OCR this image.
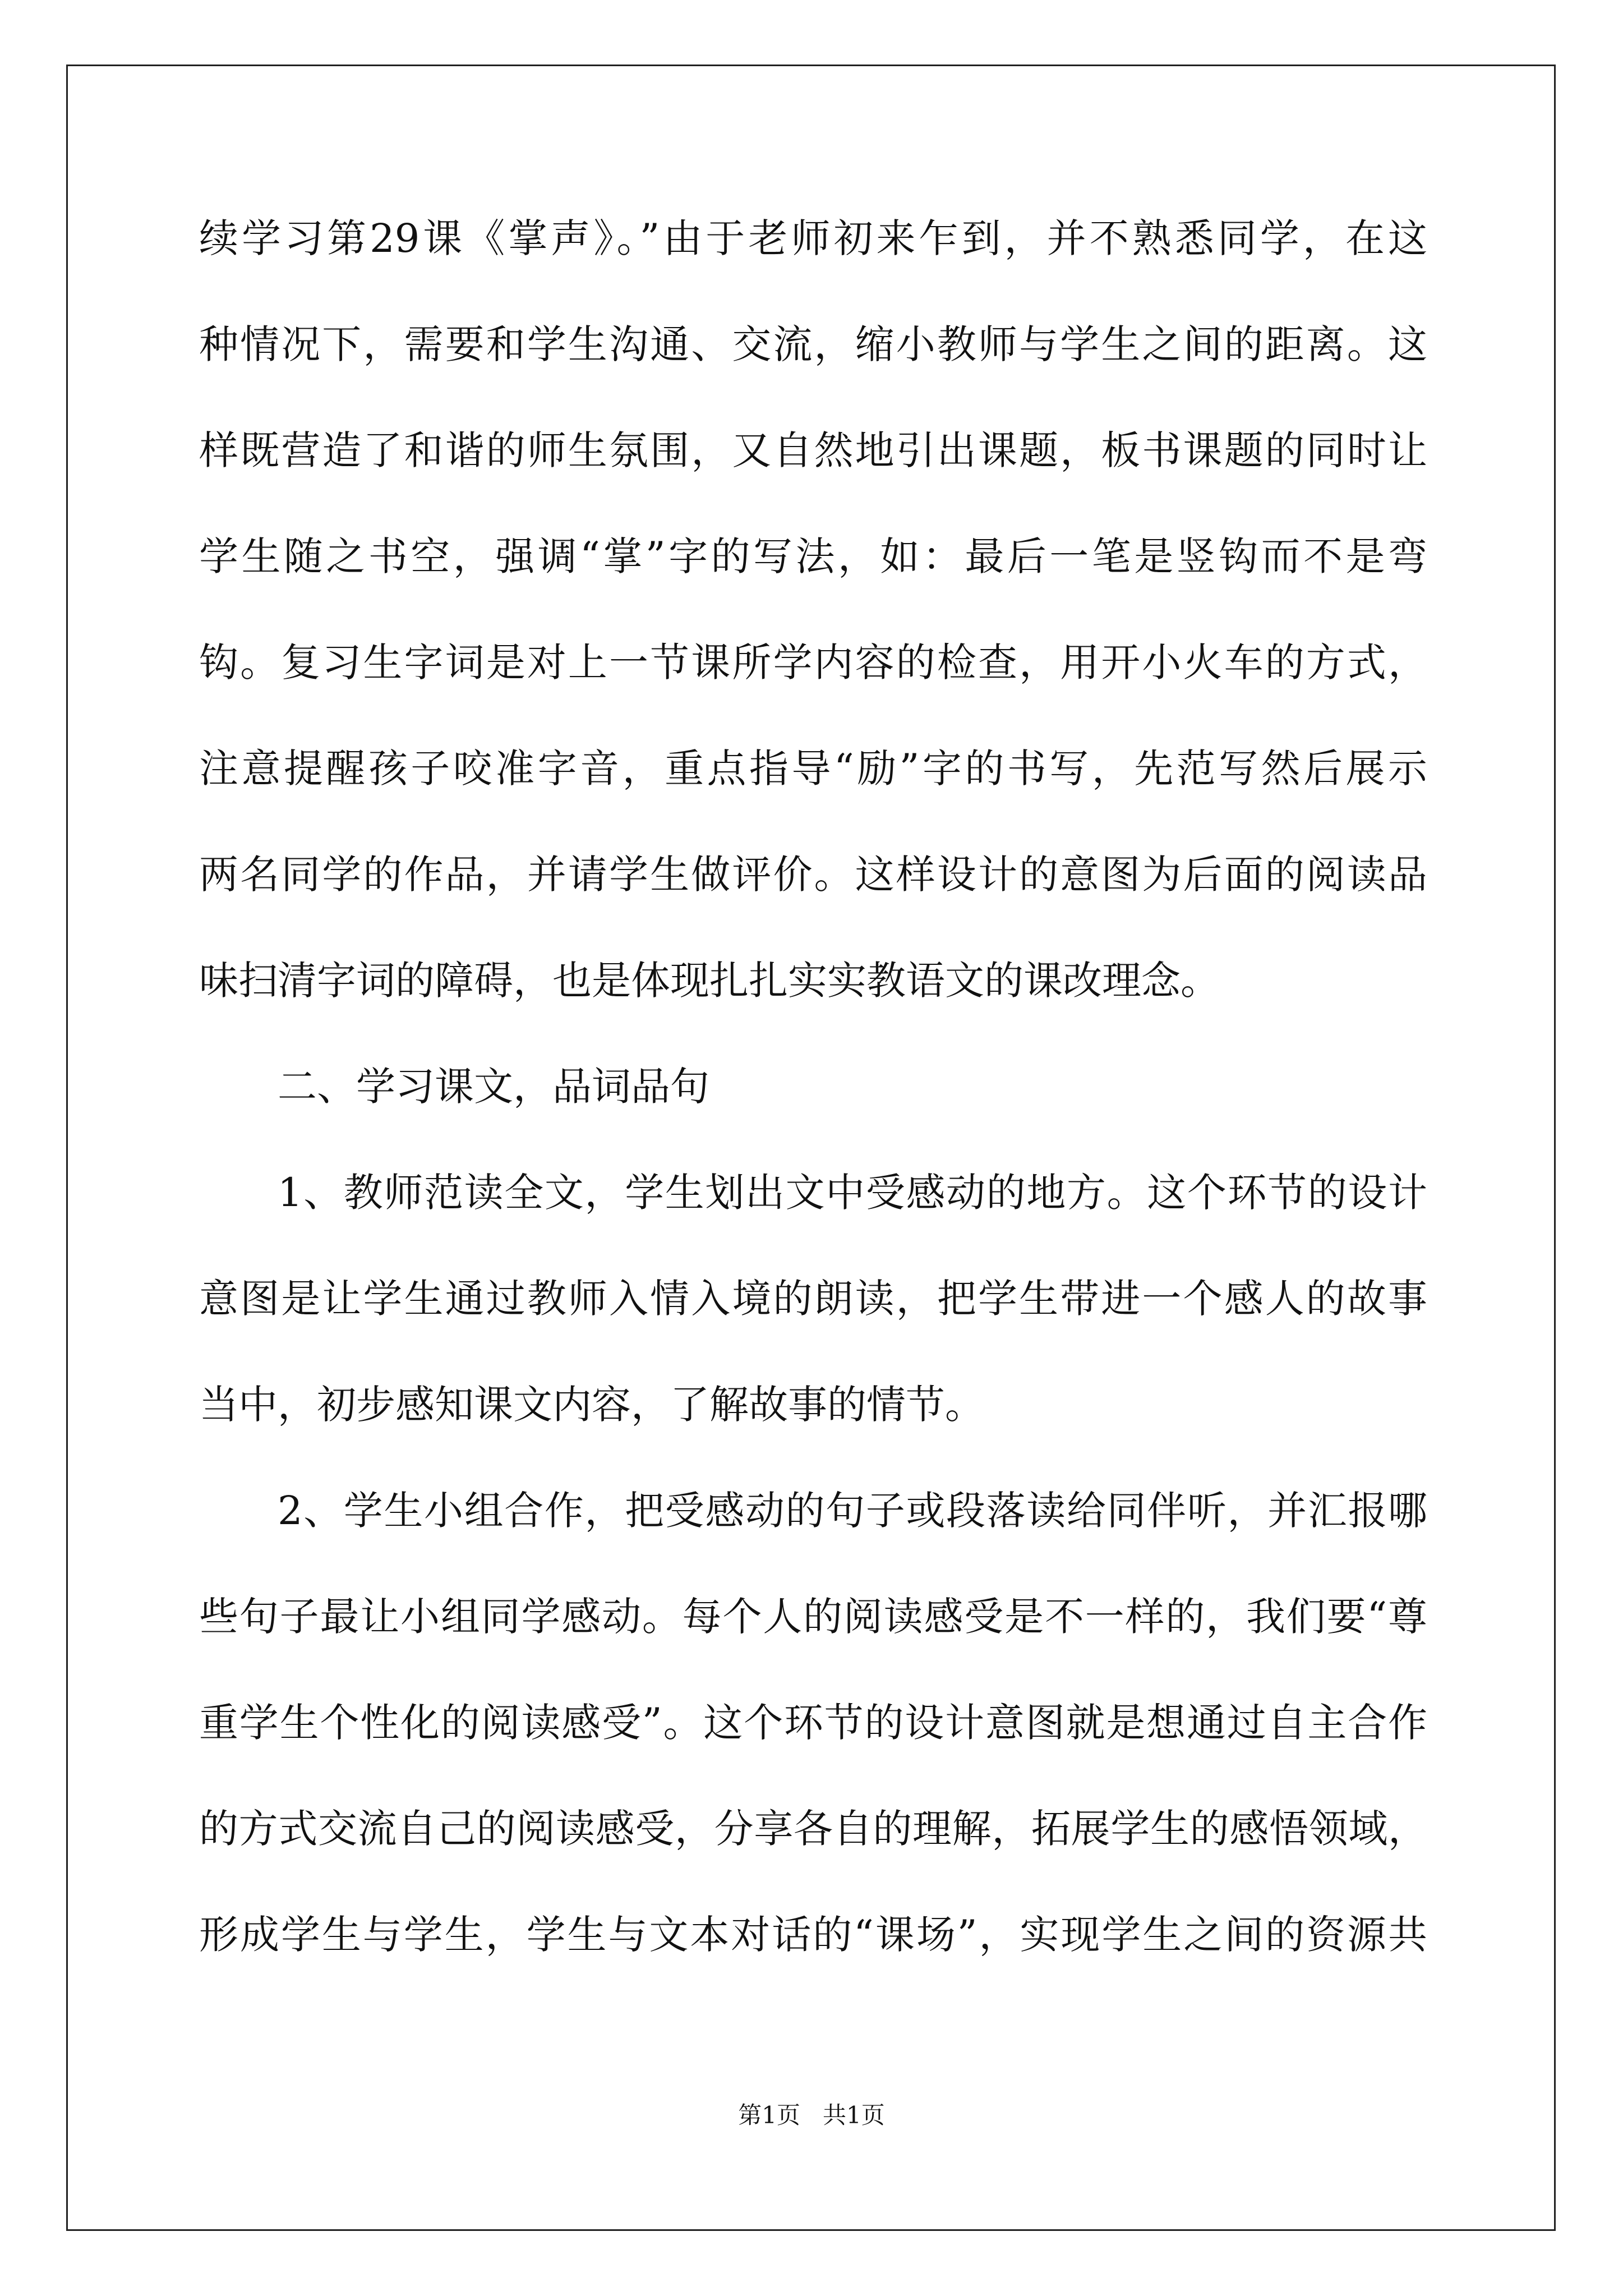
续学习第29课《掌声》。”由于老师初来乍到，并不熟悉同学，在这
种情况下，需要和学生沟通、交流，缩小教师与学生之间的距离。这
样既营造了和谐的师生氛围，又自然地引出课题，板书课题的同时让
学生随之书空，强调“掌”字的写法，如：最后一笔是竖钩而不是弯
钩。复习生字词是对上一节课所学内容的检查，用开小火车的方式，
注意提醒孩子咬准字音，重点指导“励”字的书写，先范写然后展示
两名同学的作品，并请学生做评价。这样设计的意图为后面的阅读品
味扫清字词的障碍，也是体现扎扎实实教语文的课改理念。
二、学习课文，品词品句
1、教师范读全文，学生划出文中受感动的地方。这个环节的设计
意图是让学生通过教师入情入境的朗读，把学生带进一个感人的故事
当中，初步感知课文内容，了解故事的情节。
2、学生小组合作，把受感动的句子或段落读给同伴听，并汇报哪
些句子最让小组同学感动。每个人的阅读感受是不一样的，我们要“尊
重学生个性化的阅读感受”。这个环节的设计意图就是想通过自主合作
的方式交流自己的阅读感受，分享各自的理解，拓展学生的感悟领域，
形成学生与学生，学生与文本对话的“课场”，实现学生之间的资源共
第1页   共1页
